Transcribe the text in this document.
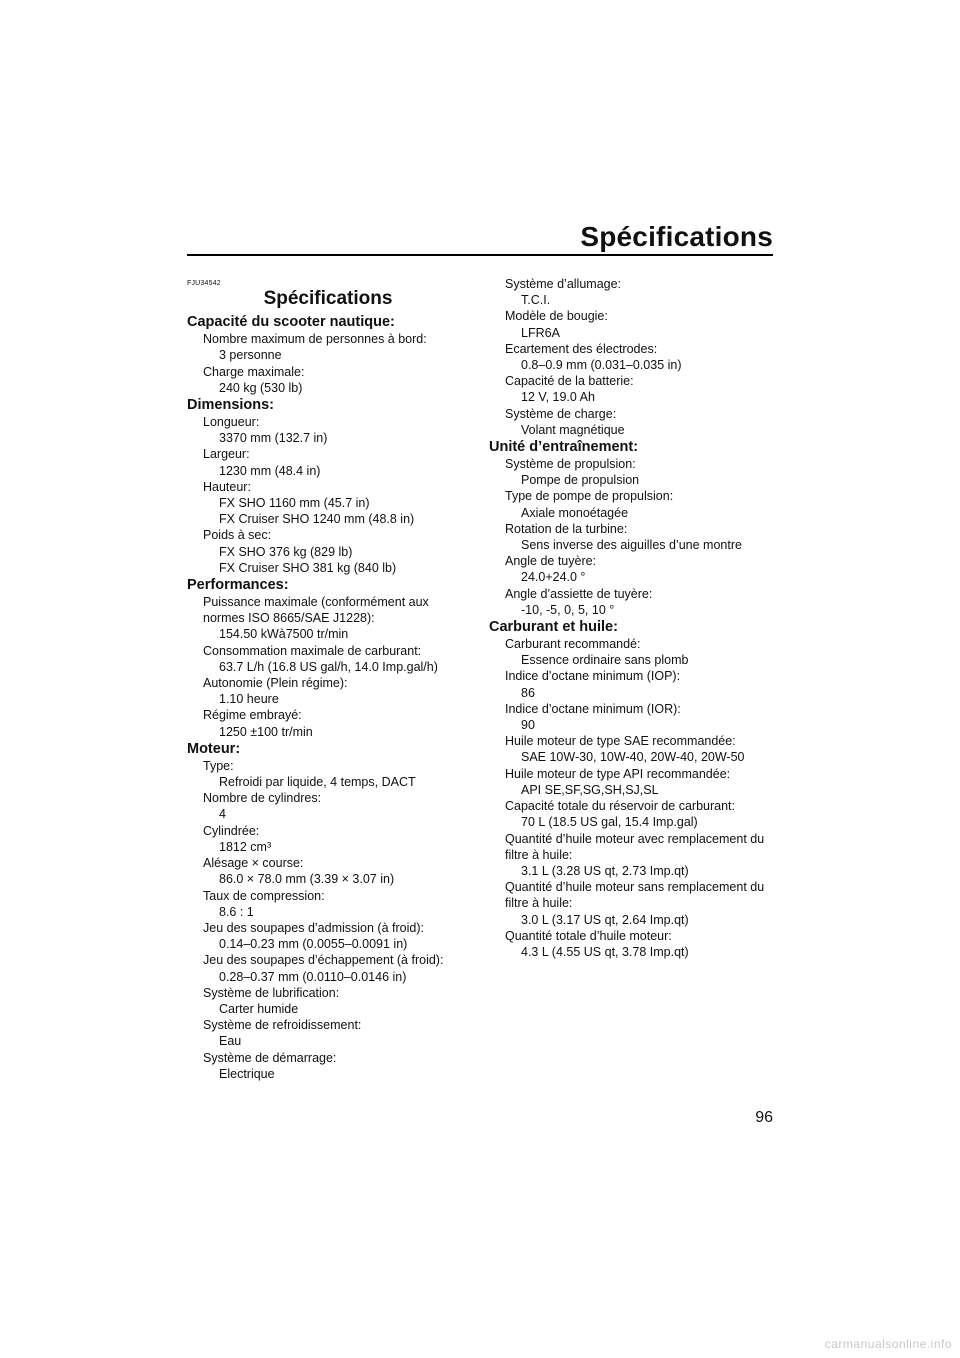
Spécifications
FJU34542
Spécifications
Capacité du scooter nautique:
Nombre maximum de personnes à bord:
3 personne
Charge maximale:
240 kg (530 lb)
Dimensions:
Longueur:
3370 mm (132.7 in)
Largeur:
1230 mm (48.4 in)
Hauteur:
FX SHO 1160 mm (45.7 in)
FX Cruiser SHO 1240 mm (48.8 in)
Poids à sec:
FX SHO 376 kg (829 lb)
FX Cruiser SHO 381 kg (840 lb)
Performances:
Puissance maximale (conformément aux
normes ISO 8665/SAE J1228):
154.50 kWà7500 tr/min
Consommation maximale de carburant:
63.7 L/h (16.8 US gal/h, 14.0 Imp.gal/h)
Autonomie (Plein régime):
1.10 heure
Régime embrayé:
1250 ±100 tr/min
Moteur:
Type:
Refroidi par liquide, 4 temps, DACT
Nombre de cylindres:
4
Cylindrée:
1812 cm³
Alésage × course:
86.0 × 78.0 mm (3.39 × 3.07 in)
Taux de compression:
8.6 : 1
Jeu des soupapes d’admission (à froid):
0.14–0.23 mm (0.0055–0.0091 in)
Jeu des soupapes d’échappement (à froid):
0.28–0.37 mm (0.0110–0.0146 in)
Système de lubrification:
Carter humide
Système de refroidissement:
Eau
Système de démarrage:
Electrique
Système d’allumage:
T.C.I.
Modèle de bougie:
LFR6A
Ecartement des électrodes:
0.8–0.9 mm (0.031–0.035 in)
Capacité de la batterie:
12 V, 19.0 Ah
Système de charge:
Volant magnétique
Unité d’entraînement:
Système de propulsion:
Pompe de propulsion
Type de pompe de propulsion:
Axiale monoétagée
Rotation de la turbine:
Sens inverse des aiguilles d’une montre
Angle de tuyère:
24.0+24.0 °
Angle d’assiette de tuyère:
-10, -5, 0, 5, 10 °
Carburant et huile:
Carburant recommandé:
Essence ordinaire sans plomb
Indice d’octane minimum (IOP):
86
Indice d’octane minimum (IOR):
90
Huile moteur de type SAE recommandée:
SAE 10W-30, 10W-40, 20W-40, 20W-50
Huile moteur de type API recommandée:
API SE,SF,SG,SH,SJ,SL
Capacité totale du réservoir de carburant:
70 L (18.5 US gal, 15.4 Imp.gal)
Quantité d’huile moteur avec remplacement du
filtre à huile:
3.1 L (3.28 US qt, 2.73 Imp.qt)
Quantité d’huile moteur sans remplacement du
filtre à huile:
3.0 L (3.17 US qt, 2.64 Imp.qt)
Quantité totale d’huile moteur:
4.3 L (4.55 US qt, 3.78 Imp.qt)
96
carmanualsonline.info
